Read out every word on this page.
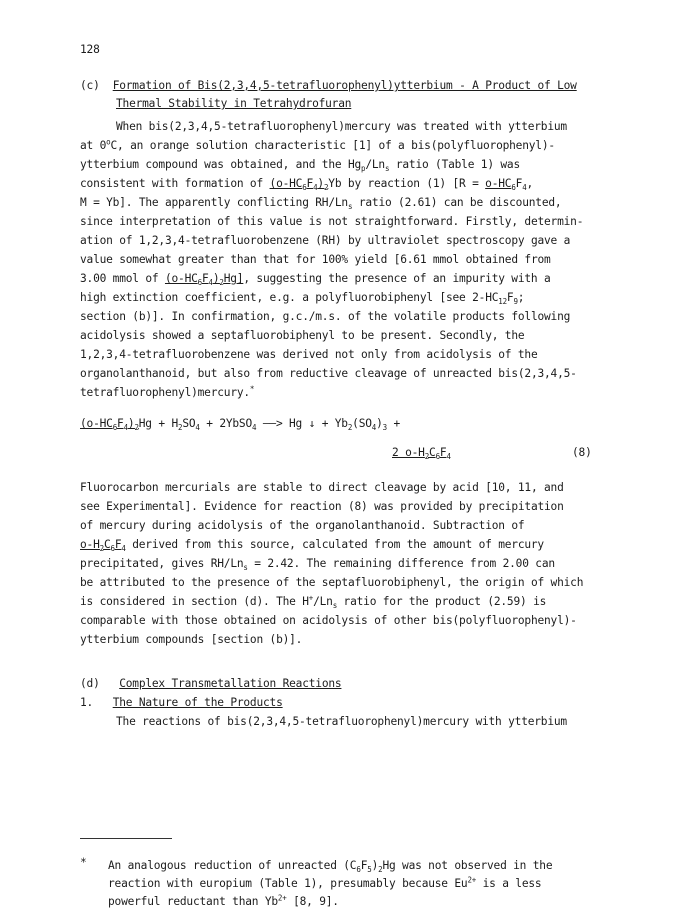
128

(c) Formation of Bis(2,3,4,5-tetrafluorophenyl)ytterbium - A Product of Low

Thermal Stability in Tetrahydrofuran

When bis(2,3,4,5-tetrafluorophenyl)mercury was treated with ytterbium

at 0$^o$C, an orange solution characteristic [1] of a bis(polyfluorophenyl)-

ytterbium compound was obtained, and the $Hg_p/Ln_s$ ratio (Table 1) was

consistent with formation of $(o-HC_6F_4)_2Yb$ by reaction (1) [$R = o-HC_6F_4$,

M = Yb]. The apparently conflicting $RH/Ln_s$ ratio (2.61) can be discounted,

since interpretation of this value is not straightforward. Firstly, determin-

ation of 1,2,3,4-tetrafluorobenzene (RH) by ultraviolet spectroscopy gave a

value somewhat greater than that for 100% yield [6.61 mmol obtained from

3.00 mmol of $(o-HC_6F_4)_2Hg$], suggesting the presence of an impurity with a

high extinction coefficient, e.g. a polyfluorobiphenyl [see $2-HC_{12}F_9$;

section (b)]. In confirmation, g.c./m.s. of the volatile products following

acidolysis showed a septafluorobiphenyl to be present. Secondly, the

1,2,3,4-tetrafluorobenzene was derived not only from acidolysis of the

organolanthanoid, but also from reductive cleavage of unreacted bis(2,3,4,5-

tetrafluorophenyl)mercury.*

$(o-HC_6F_4)_2Hg + H_2SO_4$ + 2YbSO$_4$ ——> Hg ↓ + $Yb_2(SO_4)_3$ +

2 $o-H_2C_6F_4$	(8)

Fluorocarbon mercurials are stable to direct cleavage by acid [10, 11, and

see Experimental]. Evidence for reaction (8) was provided by precipitation

of mercury during acidolysis of the organolanthanoid. Subtraction of

$o-H_2C_6F_4$ derived from this source, calculated from the amount of mercury

precipitated, gives $RH/Ln_s = 2.42$. The remaining difference from 2.00 can

be attributed to the presence of the septafluorobiphenyl, the origin of which

is considered in section (d). The $H^+/Ln_s$ ratio for the product (2.59) is

comparable with those obtained on acidolysis of other bis(polyfluorophenyl)-

ytterbium compounds [section (b)].

(d) Complex Transmetallation Reactions

1. The Nature of the Products

The reactions of bis(2,3,4,5-tetrafluorophenyl)mercury with ytterbium

* An analogous reduction of unreacted $(C_6F_5)_2Hg$ was not observed in the

reaction with europium (Table 1), presumably because $Eu^{2+}$ is a less

powerful reductant than $Yb^{2+}$ [8, 9].
